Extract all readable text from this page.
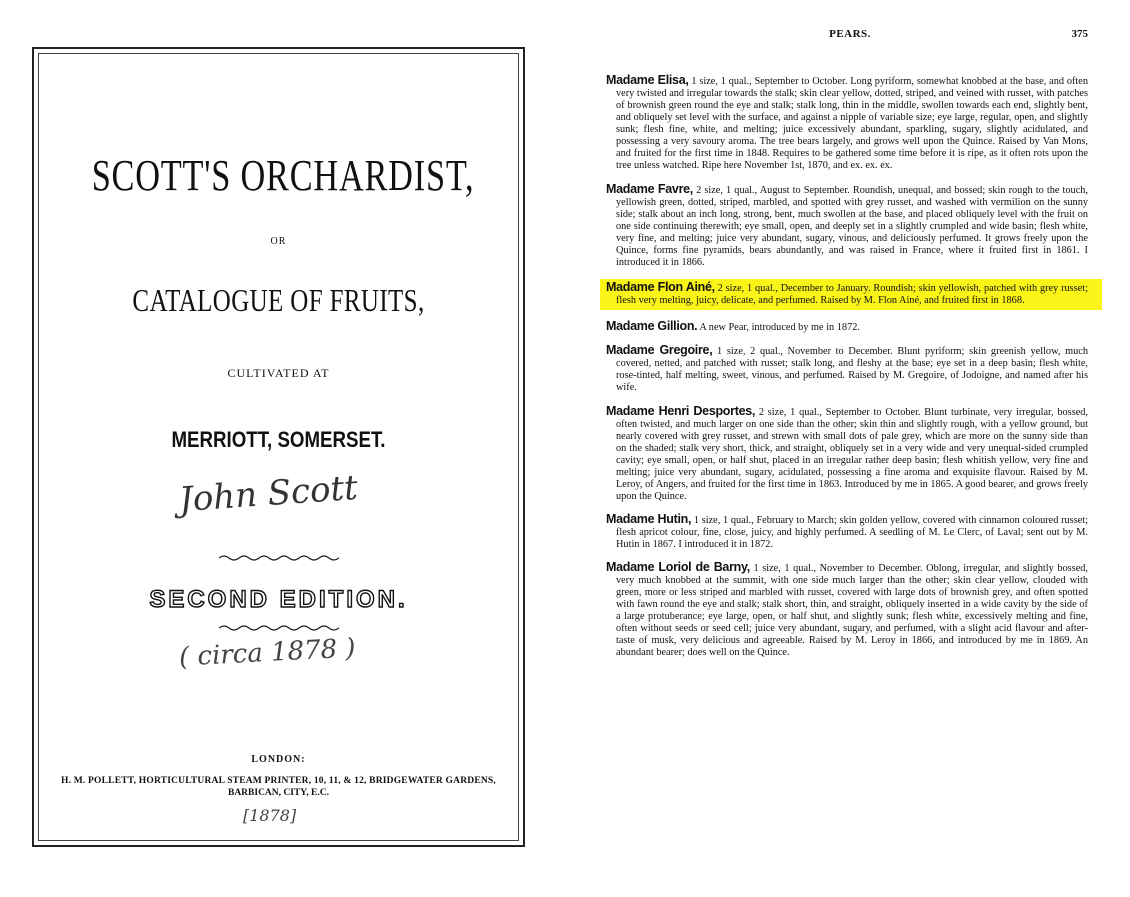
SCOTT'S ORCHARDIST,
OR
CATALOGUE OF FRUITS,
CULTIVATED AT
MERRIOTT, SOMERSET.
John Scott
SECOND EDITION.
( circa 1878 )
LONDON:
H. M. POLLETT, HORTICULTURAL STEAM PRINTER, 10, 11, & 12, BRIDGEWATER GARDENS,
BARBICAN, CITY, E.C.
[1878]
PEARS.	375

Madame Elisa, 1 size, 1 qual., September to October. Long pyriform, somewhat knobbed at the base, and often very twisted and irregular towards the stalk; skin clear yellow, dotted, striped, and veined with russet, with patches of brownish green round the eye and stalk; stalk long, thin in the middle, swollen towards each end, slightly bent, and obliquely set level with the surface, and against a nipple of variable size; eye large, regular, open, and slightly sunk; flesh fine, white, and melting; juice excessively abundant, sparkling, sugary, slightly acidulated, and possessing a very savoury aroma. The tree bears largely, and grows well upon the Quince. Raised by Van Mons, and fruited for the first time in 1848. Requires to be gathered some time before it is ripe, as it often rots upon the tree unless watched. Ripe here November 1st, 1870, and ex. ex. ex.

Madame Favre, 2 size, 1 qual., August to September. Roundish, unequal, and bossed; skin rough to the touch, yellowish green, dotted, striped, marbled, and spotted with grey russet, and washed with vermilion on the sunny side; stalk about an inch long, strong, bent, much swollen at the base, and placed obliquely level with the fruit on one side continuing therewith; eye small, open, and deeply set in a slightly crumpled and wide basin; flesh white, very fine, and melting; juice very abundant, sugary, vinous, and deliciously perfumed. It grows freely upon the Quince, forms fine pyramids, bears abundantly, and was raised in France, where it fruited first in 1861. I introduced it in 1866.

Madame Flon Ainé, 2 size, 1 qual., December to January. Roundish; skin yellowish, patched with grey russet; flesh very melting, juicy, delicate, and perfumed. Raised by M. Flon Ainé, and fruited first in 1868.

Madame Gillion. A new Pear, introduced by me in 1872.

Madame Gregoire, 1 size, 2 qual., November to December. Blunt pyriform; skin greenish yellow, much covered, netted, and patched with russet; stalk long, and fleshy at the base; eye set in a deep basin; flesh white, rose-tinted, half melting, sweet, vinous, and perfumed. Raised by M. Gregoire, of Jodoigne, and named after his wife.

Madame Henri Desportes, 2 size, 1 qual., September to October. Blunt turbinate, very irregular, bossed, often twisted, and much larger on one side than the other; skin thin and slightly rough, with a yellow ground, but nearly covered with grey russet, and strewn with small dots of pale grey, which are more on the sunny side than on the shaded; stalk very short, thick, and straight, obliquely set in a very wide and very unequal-sided crumpled cavity; eye small, open, or half shut, placed in an irregular rather deep basin; flesh whitish yellow, very fine and melting; juice very abundant, sugary, acidulated, possessing a fine aroma and exquisite flavour. Raised by M. Leroy, of Angers, and fruited for the first time in 1863. Introduced by me in 1865. A good bearer, and grows freely upon the Quince.

Madame Hutin, 1 size, 1 qual., February to March; skin golden yellow, covered with cinnamon coloured russet; flesh apricot colour, fine, close, juicy, and highly perfumed. A seedling of M. Le Clerc, of Laval; sent out by M. Hutin in 1867. I introduced it in 1872.

Madame Loriol de Barny, 1 size, 1 qual., November to December. Oblong, irregular, and slightly bossed, very much knobbed at the summit, with one side much larger than the other; skin clear yellow, clouded with green, more or less striped and marbled with russet, covered with large dots of brownish grey, and often spotted with fawn round the eye and stalk; stalk short, thin, and straight, obliquely inserted in a wide cavity by the side of a large protuberance; eye large, open, or half shut, and slightly sunk; flesh white, excessively melting and fine, often without seeds or seed cell; juice very abundant, sugary, and perfumed, with a slight acid flavour and after-taste of musk, very delicious and agreeable. Raised by M. Leroy in 1866, and introduced by me in 1869. An abundant bearer; does well on the Quince.
